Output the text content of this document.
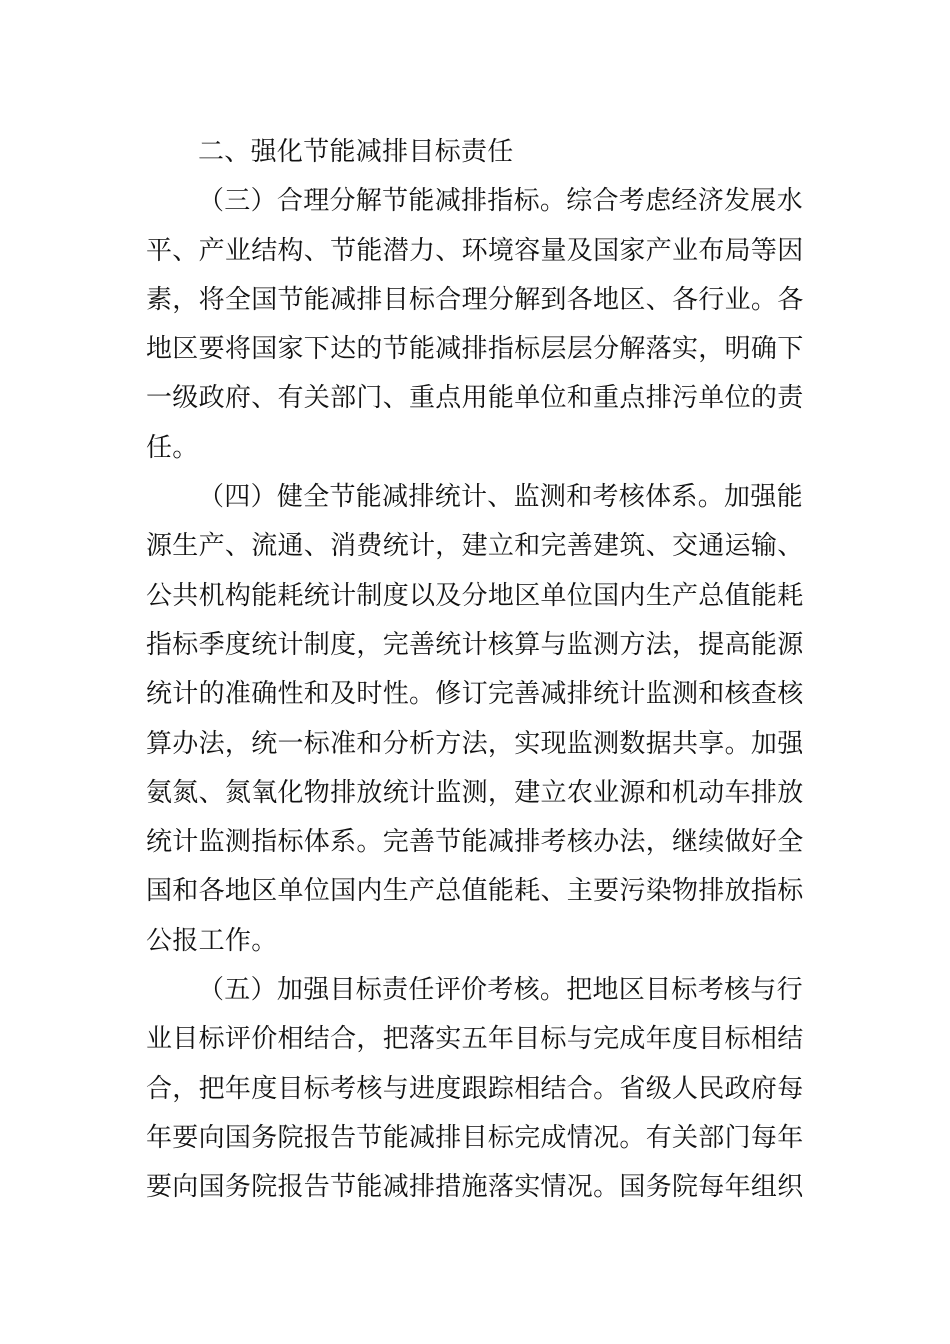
二、强化节能减排目标责任
（三）合理分解节能减排指标。综合考虑经济发展水
平、产业结构、节能潜力、环境容量及国家产业布局等因
素，将全国节能减排目标合理分解到各地区、各行业。各
地区要将国家下达的节能减排指标层层分解落实，明确下
一级政府、有关部门、重点用能单位和重点排污单位的责
任。
（四）健全节能减排统计、监测和考核体系。加强能
源生产、流通、消费统计，建立和完善建筑、交通运输、
公共机构能耗统计制度以及分地区单位国内生产总值能耗
指标季度统计制度，完善统计核算与监测方法，提高能源
统计的准确性和及时性。修订完善减排统计监测和核查核
算办法，统一标准和分析方法，实现监测数据共享。加强
氨氮、氮氧化物排放统计监测，建立农业源和机动车排放
统计监测指标体系。完善节能减排考核办法，继续做好全
国和各地区单位国内生产总值能耗、主要污染物排放指标
公报工作。
（五）加强目标责任评价考核。把地区目标考核与行
业目标评价相结合，把落实五年目标与完成年度目标相结
合，把年度目标考核与进度跟踪相结合。省级人民政府每
年要向国务院报告节能减排目标完成情况。有关部门每年
要向国务院报告节能减排措施落实情况。国务院每年组织
